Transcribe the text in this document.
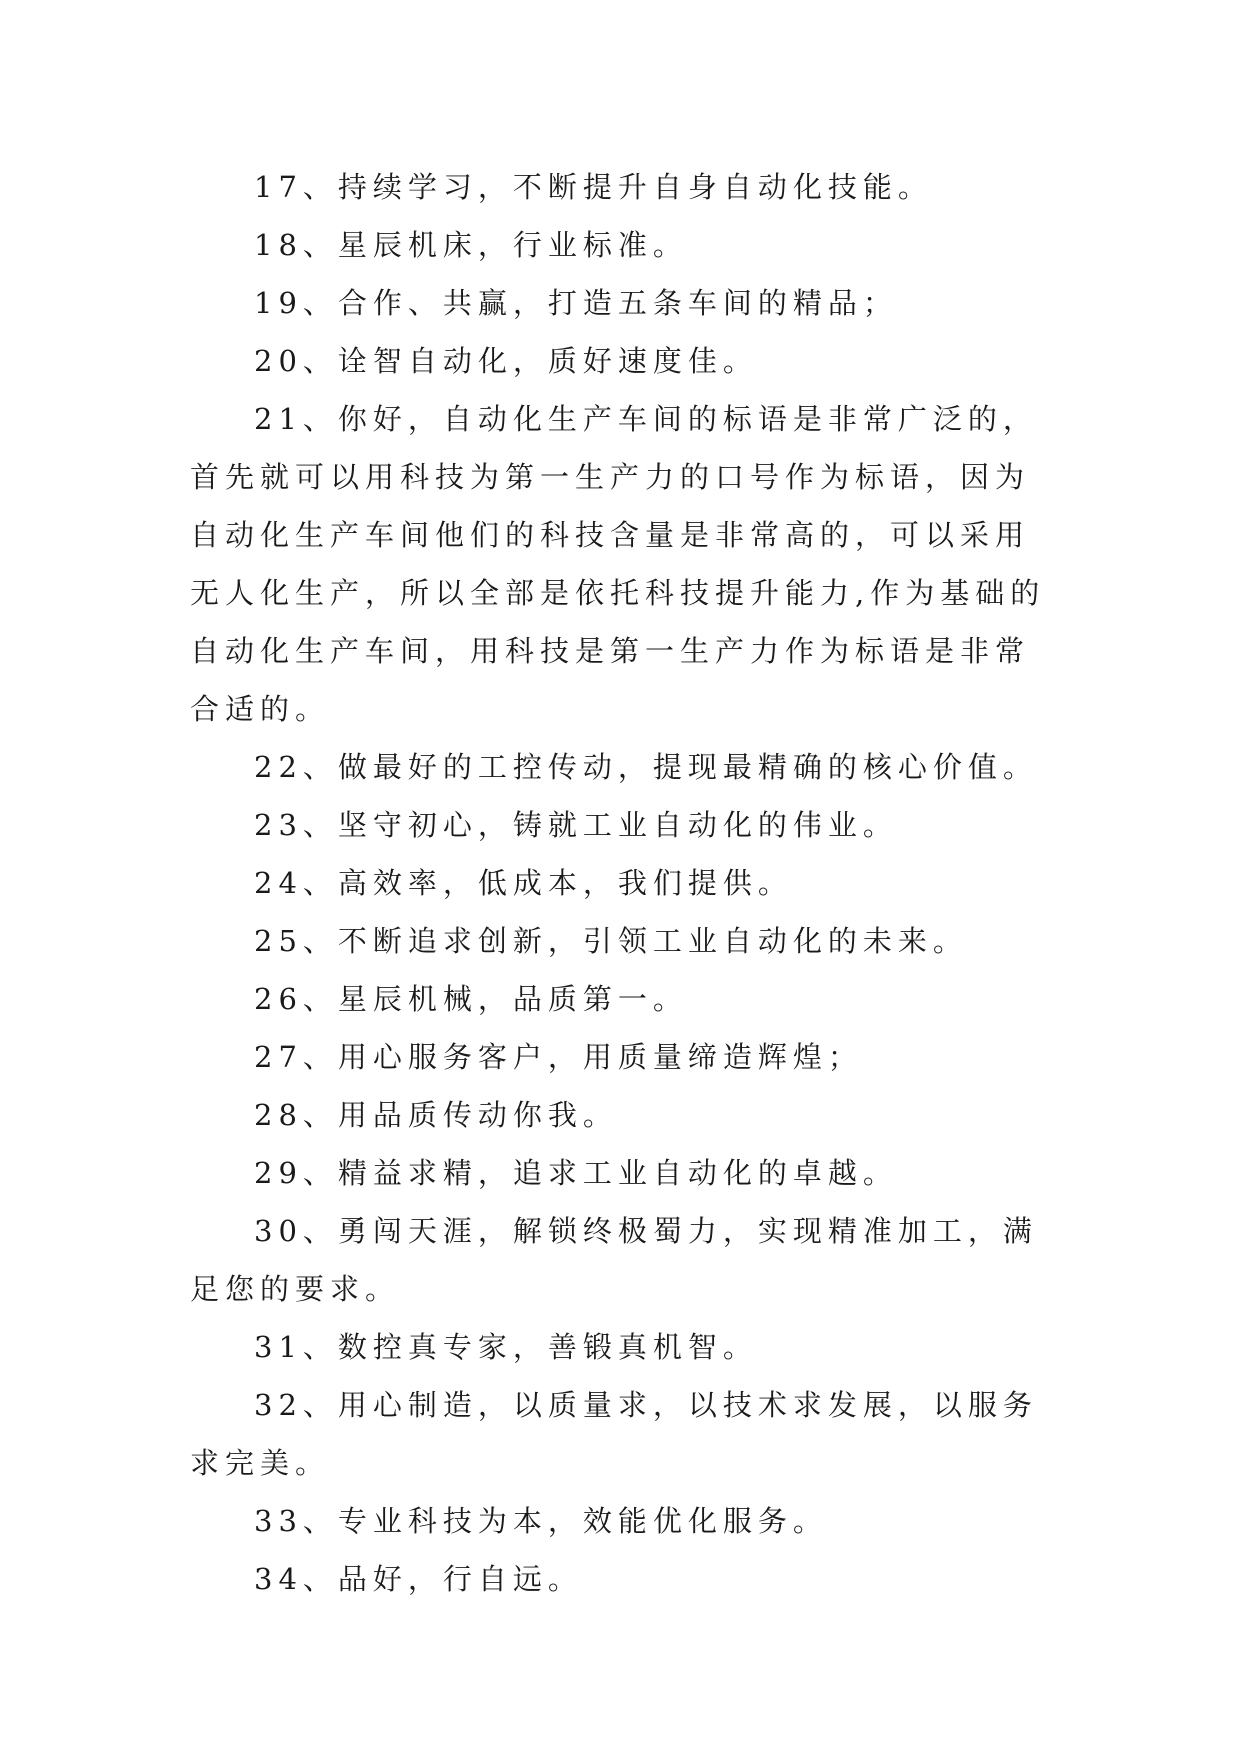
17、持续学习，不断提升自身自动化技能。

18、星辰机床，行业标准。

19、合作、共赢，打造五条车间的精品；

20、诠智自动化，质好速度佳。

21、你好，自动化生产车间的标语是非常广泛的，首先就可以用科技为第一生产力的口号作为标语，因为自动化生产车间他们的科技含量是非常高的，可以采用无人化生产，所以全部是依托科技提升能力,作为基础的自动化生产车间，用科技是第一生产力作为标语是非常合适的。

22、做最好的工控传动，提现最精确的核心价值。

23、坚守初心，铸就工业自动化的伟业。

24、高效率，低成本，我们提供。

25、不断追求创新，引领工业自动化的未来。

26、星辰机械，品质第一。

27、用心服务客户，用质量缔造辉煌；

28、用品质传动你我。

29、精益求精，追求工业自动化的卓越。

30、勇闯天涯，解锁终极蜀力，实现精准加工，满足您的要求。

31、数控真专家，善锻真机智。

32、用心制造，以质量求，以技术求发展，以服务求完美。

33、专业科技为本，效能优化服务。

34、品好，行自远。
